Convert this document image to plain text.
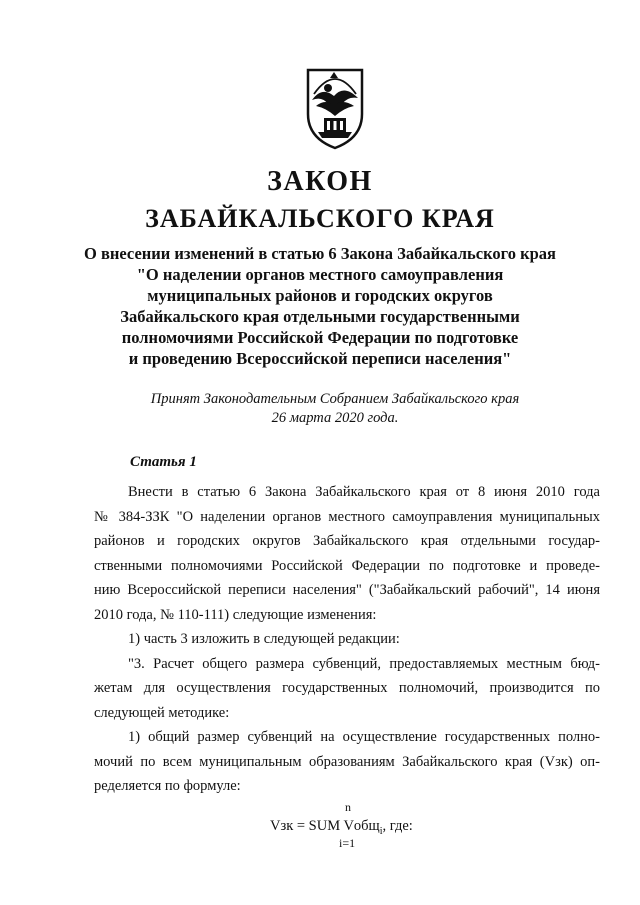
ЗАКОН
ЗАБАЙКАЛЬСКОГО КРАЯ
О внесении изменений в статью 6 Закона Забайкальского края
"О наделении органов местного самоуправления
муниципальных районов и городских округов
Забайкальского края отдельными государственными
полномочиями Российской Федерации по подготовке
и проведению Всероссийской переписи населения"
Принят Законодательным Собранием Забайкальского края
26 марта 2020 года.
Статья 1
Внести в статью 6 Закона Забайкальского края от 8 июня 2010 года
№ 384-ЗЗК "О наделении органов местного самоуправления муниципальных
районов и городских округов Забайкальского края отдельными государ-
ственными полномочиями Российской Федерации по подготовке и проведе-
нию Всероссийской переписи населения" ("Забайкальский рабочий", 14 июня
2010 года, № 110-111) следующие изменения:
1) часть 3 изложить в следующей редакции:
"3. Расчет общего размера субвенций, предоставляемых местным бюд-
жетам для осуществления государственных полномочий, производится по
следующей методике:
1) общий размер субвенций на осуществление государственных полно-
мочий по всем муниципальным образованиям Забайкальского края (Vзк) оп-
ределяется по формуле:
n
Vзк = SUM Vобщ$_i$, где:
i=1
